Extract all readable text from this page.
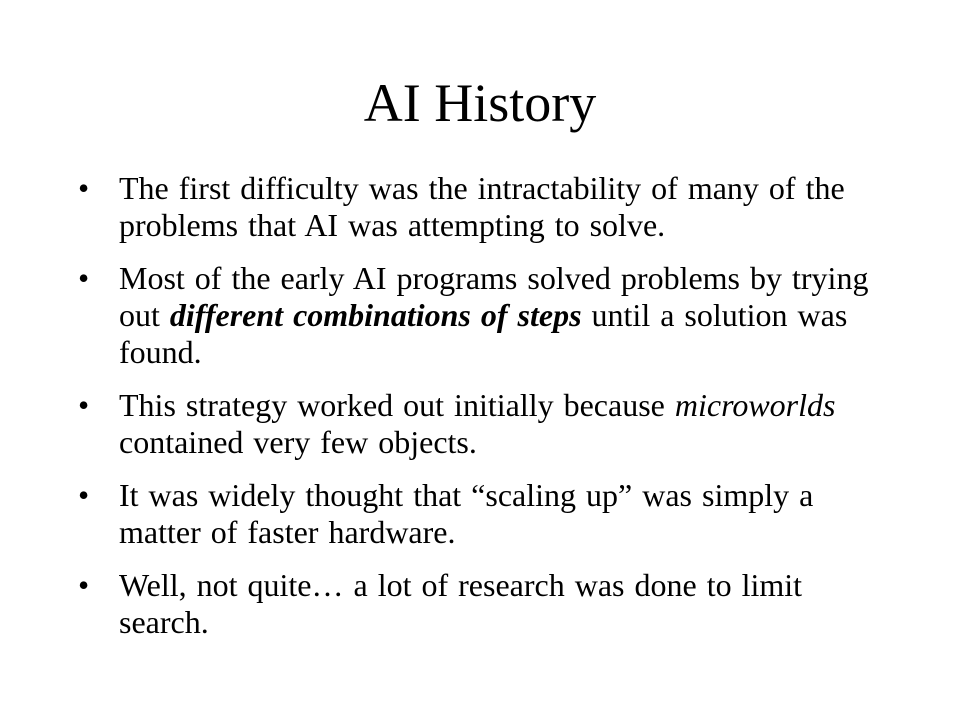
AI History
• The first difficulty was the intractability of many of the problems that AI was attempting to solve.
• Most of the early AI programs solved problems by trying out different combinations of steps until a solution was found.
• This strategy worked out initially because microworlds contained very few objects.
• It was widely thought that “scaling up” was simply a matter of faster hardware.
• Well, not quite… a lot of research was done to limit search.
